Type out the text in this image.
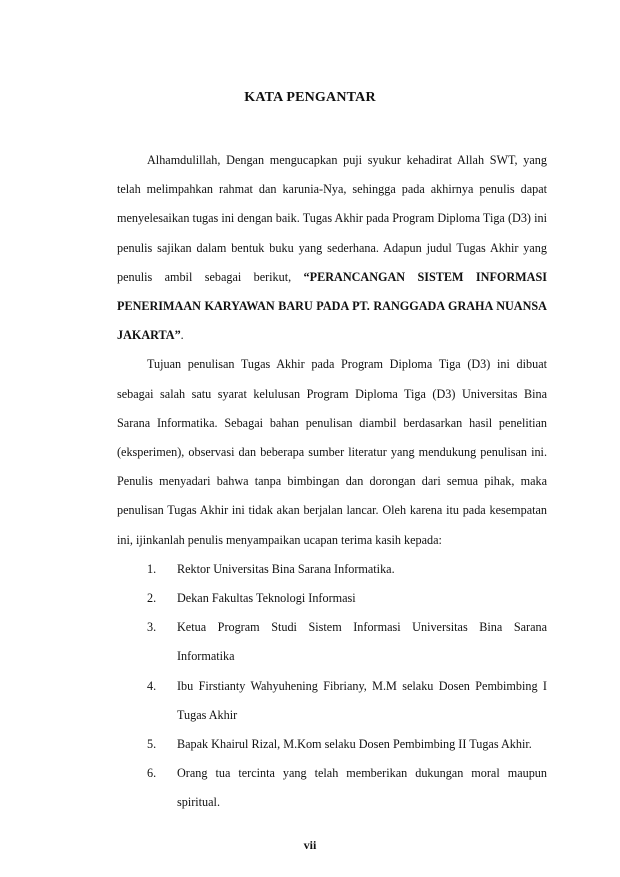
KATA PENGANTAR

Alhamdulillah, Dengan mengucapkan puji syukur kehadirat Allah SWT, yang telah melimpahkan rahmat dan karunia-Nya, sehingga pada akhirnya penulis dapat menyelesaikan tugas ini dengan baik. Tugas Akhir pada Program Diploma Tiga (D3) ini penulis sajikan dalam bentuk buku yang sederhana. Adapun judul Tugas Akhir yang penulis ambil sebagai berikut, “PERANCANGAN SISTEM INFORMASI PENERIMAAN KARYAWAN BARU PADA PT. RANGGADA GRAHA NUANSA JAKARTA”.

Tujuan penulisan Tugas Akhir pada Program Diploma Tiga (D3) ini dibuat sebagai salah satu syarat kelulusan Program Diploma Tiga (D3) Universitas Bina Sarana Informatika. Sebagai bahan penulisan diambil berdasarkan hasil penelitian (eksperimen), observasi dan beberapa sumber literatur yang mendukung penulisan ini. Penulis menyadari bahwa tanpa bimbingan dan dorongan dari semua pihak, maka penulisan Tugas Akhir ini tidak akan berjalan lancar. Oleh karena itu pada kesempatan ini, ijinkanlah penulis menyampaikan ucapan terima kasih kepada:

1. Rektor Universitas Bina Sarana Informatika.
2. Dekan Fakultas Teknologi Informasi
3. Ketua Program Studi Sistem Informasi Universitas Bina Sarana Informatika
4. Ibu Firstianty Wahyuhening Fibriany, M.M selaku Dosen Pembimbing I Tugas Akhir
5. Bapak Khairul Rizal, M.Kom selaku Dosen Pembimbing II Tugas Akhir.
6. Orang tua tercinta yang telah memberikan dukungan moral maupun spiritual.
vii
